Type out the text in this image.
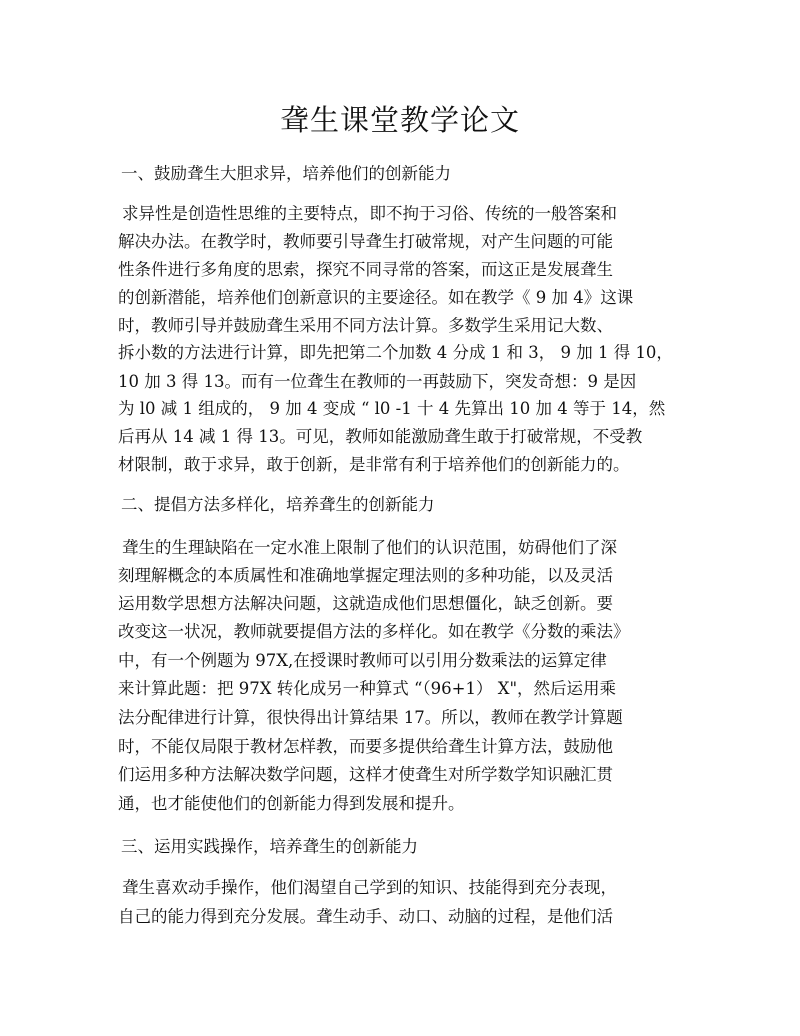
聋生课堂教学论文
一、鼓励聋生大胆求异，培养他们的创新能力
求异性是创造性思维的主要特点，即不拘于习俗、传统的一般答案和
解决办法。在教学时，教师要引导聋生打破常规，对产生问题的可能
性条件进行多角度的思索，探究不同寻常的答案，而这正是发展聋生
的创新潜能，培养他们创新意识的主要途径。如在教学《 9 加 4》这课
时，教师引导并鼓励聋生采用不同方法计算。多数学生采用记大数、
拆小数的方法进行计算，即先把第二个加数 4 分成 1 和 3， 9 加 1 得 10，
10 加 3 得 13。而有一位聋生在教师的一再鼓励下，突发奇想：9 是因
为 l0 减 1 组成的， 9 加 4 变成 “ l0 -1 十 4 先算出 10 加 4 等于 14，然
后再从 14 减 1 得 13。可见，教师如能激励聋生敢于打破常规，不受教
材限制，敢于求异，敢于创新，是非常有利于培养他们的创新能力的。
二、提倡方法多样化，培养聋生的创新能力
聋生的生理缺陷在一定水准上限制了他们的认识范围，妨碍他们了深
刻理解概念的本质属性和准确地掌握定理法则的多种功能，以及灵活
运用数学思想方法解决问题，这就造成他们思想僵化，缺乏创新。要
改变这一状况，教师就要提倡方法的多样化。如在教学《分数的乘法》
中，有一个例题为 97X,在授课时教师可以引用分数乘法的运算定律
来计算此题：把 97X 转化成另一种算式 “（96+1） X"，然后运用乘
法分配律进行计算，很快得出计算结果 17。所以，教师在教学计算题
时，不能仅局限于教材怎样教，而要多提供给聋生计算方法，鼓励他
们运用多种方法解决数学问题，这样才使聋生对所学数学知识融汇贯
通，也才能使他们的创新能力得到发展和提升。
三、运用实践操作，培养聋生的创新能力
聋生喜欢动手操作，他们渴望自己学到的知识、技能得到充分表现，
自己的能力得到充分发展。聋生动手、动口、动脑的过程，是他们活
